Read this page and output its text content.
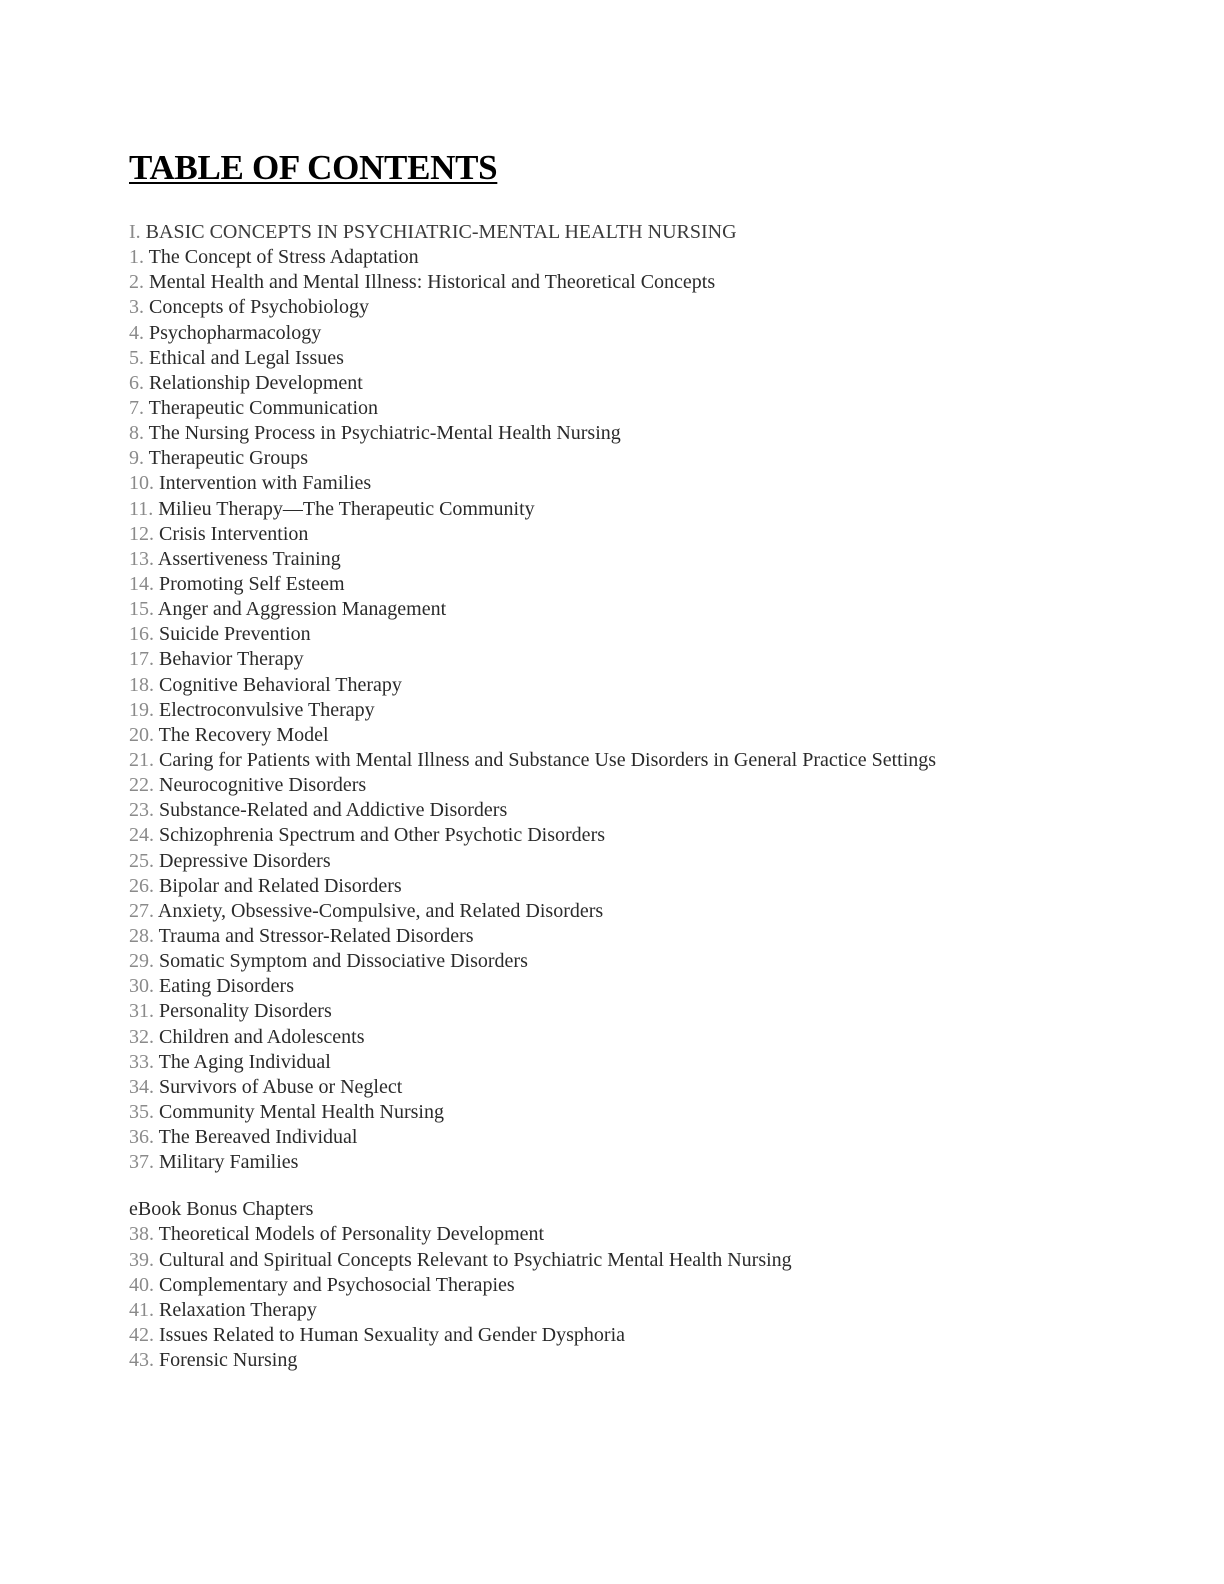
TABLE OF CONTENTS
I. BASIC CONCEPTS IN PSYCHIATRIC-MENTAL HEALTH NURSING
1. The Concept of Stress Adaptation
2. Mental Health and Mental Illness: Historical and Theoretical Concepts
3. Concepts of Psychobiology
4. Psychopharmacology
5. Ethical and Legal Issues
6. Relationship Development
7. Therapeutic Communication
8. The Nursing Process in Psychiatric-Mental Health Nursing
9. Therapeutic Groups
10. Intervention with Families
11. Milieu Therapy—The Therapeutic Community
12. Crisis Intervention
13. Assertiveness Training
14. Promoting Self Esteem
15. Anger and Aggression Management
16. Suicide Prevention
17. Behavior Therapy
18. Cognitive Behavioral Therapy
19. Electroconvulsive Therapy
20. The Recovery Model
21. Caring for Patients with Mental Illness and Substance Use Disorders in General Practice Settings
22. Neurocognitive Disorders
23. Substance-Related and Addictive Disorders
24. Schizophrenia Spectrum and Other Psychotic Disorders
25. Depressive Disorders
26. Bipolar and Related Disorders
27. Anxiety, Obsessive-Compulsive, and Related Disorders
28. Trauma and Stressor-Related Disorders
29. Somatic Symptom and Dissociative Disorders
30. Eating Disorders
31. Personality Disorders
32. Children and Adolescents
33. The Aging Individual
34. Survivors of Abuse or Neglect
35. Community Mental Health Nursing
36. The Bereaved Individual
37. Military Families
eBook Bonus Chapters
38. Theoretical Models of Personality Development
39. Cultural and Spiritual Concepts Relevant to Psychiatric Mental Health Nursing
40. Complementary and Psychosocial Therapies
41. Relaxation Therapy
42. Issues Related to Human Sexuality and Gender Dysphoria
43. Forensic Nursing
